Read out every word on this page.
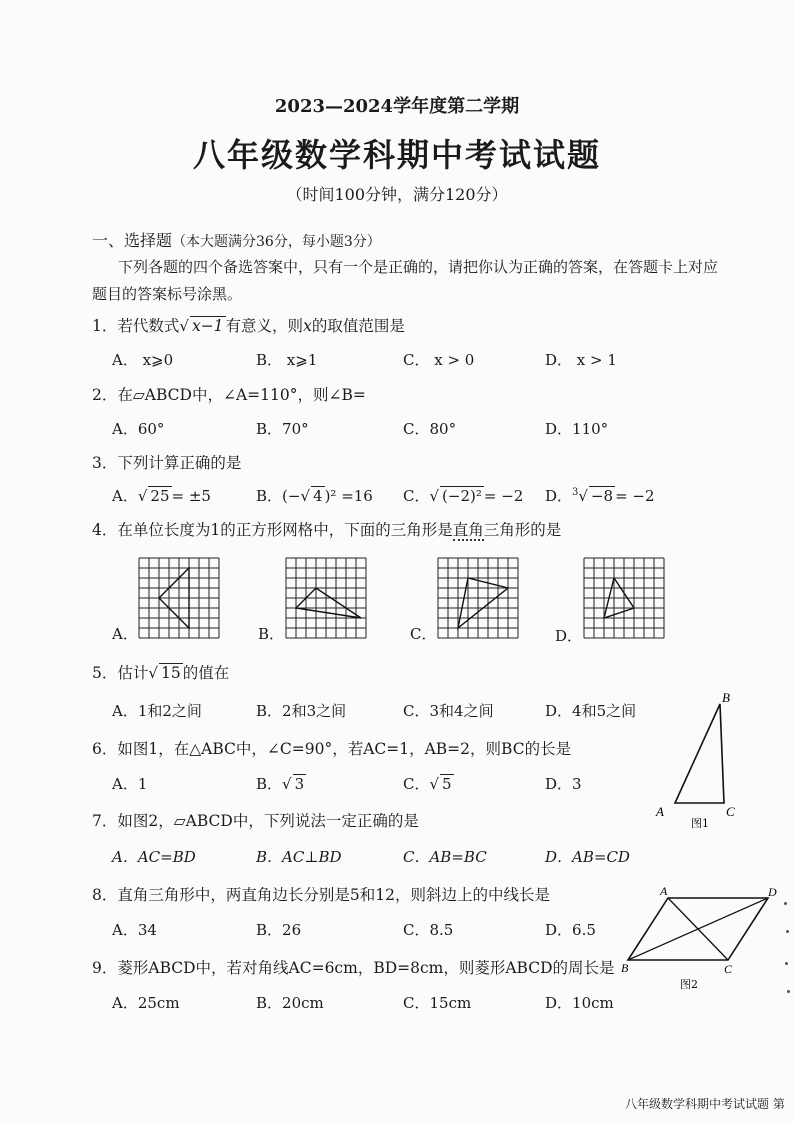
2023—2024学年度第二学期
八年级数学科期中考试试题
（时间100分钟，满分120分）
一、选择题（本大题满分36分，每小题3分）
下列各题的四个备选答案中，只有一个是正确的，请把你认为正确的答案，在答题卡上对应
题目的答案标号涂黑。
1．若代数式√ x−1 有意义，则x的取值范围是
A． x⩾0	B． x⩾1	C． x > 0	D． x > 1
2．在▱ABCD中，∠A=110°，则∠B=
A．60°	B．70°	C．80°	D．110°
3．下列计算正确的是
A．√ 25 = ±5	B．(−√ 4 )² =16 C．√ (−2)² = −2 D．$^3$√ −8 = −2
4．在单位长度为1的正方形网格中，下面的三角形是直角三角形的是
A．	B．	C．	D．
5．估计√ 15 的值在
A．1和2之间	B．2和3之间	C．3和4之间	D．4和5之间
6．如图1，在△ABC中，∠C=90°，若AC=1，AB=2，则BC的长是
A．1	B．√ 3	C．√ 5	D．3
B
A	C
图1
7．如图2，▱ABCD中，下列说法一定正确的是
A．AC=BD	B．AC⊥BD	C．AB=BC	D．AB=CD
8．直角三角形中，两直角边长分别是5和12，则斜边上的中线长是
A．34	B．26	C．8.5	D．6.5
A	D
B	C
图2
9．菱形ABCD中，若对角线AC=6cm，BD=8cm，则菱形ABCD的周长是
A．25cm	B．20cm	C．15cm	D．10cm
八年级数学科期中考试试题 第
